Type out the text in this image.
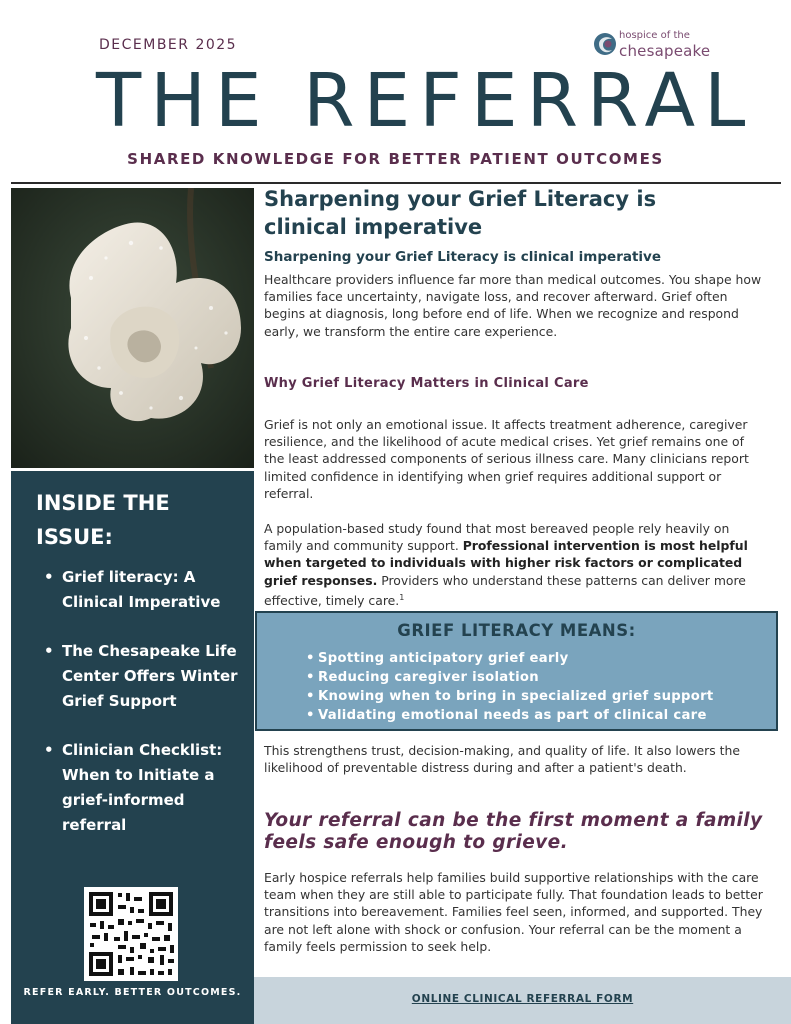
DECEMBER 2025
hospice of the
chesapeake
THE REFERRAL
SHARED KNOWLEDGE FOR BETTER PATIENT OUTCOMES
INSIDE THE ISSUE:
• Grief literacy: A Clinical Imperative
• The Chesapeake Life Center Offers Winter Grief Support
• Clinician Checklist: When to Initiate a grief-informed referral
REFER EARLY. BETTER OUTCOMES.
Sharpening your Grief Literacy is clinical imperative
Sharpening your Grief Literacy is clinical imperative
Healthcare providers influence far more than medical outcomes. You shape how families face uncertainty, navigate loss, and recover afterward. Grief often begins at diagnosis, long before end of life. When we recognize and respond early, we transform the entire care experience.
Why Grief Literacy Matters in Clinical Care
Grief is not only an emotional issue. It affects treatment adherence, caregiver resilience, and the likelihood of acute medical crises. Yet grief remains one of the least addressed components of serious illness care. Many clinicians report limited confidence in identifying when grief requires additional support or referral.
A population-based study found that most bereaved people rely heavily on family and community support. Professional intervention is most helpful when targeted to individuals with higher risk factors or complicated grief responses. Providers who understand these patterns can deliver more effective, timely care.$^1$
GRIEF LITERACY MEANS:
• Spotting anticipatory grief early
• Reducing caregiver isolation
• Knowing when to bring in specialized grief support
• Validating emotional needs as part of clinical care
This strengthens trust, decision-making, and quality of life. It also lowers the likelihood of preventable distress during and after a patient's death.
Your referral can be the first moment a family feels safe enough to grieve.
Early hospice referrals help families build supportive relationships with the care team when they are still able to participate fully. That foundation leads to better transitions into bereavement. Families feel seen, informed, and supported. They are not left alone with shock or confusion. Your referral can be the moment a family feels permission to seek help.
ONLINE CLINICAL REFERRAL FORM
